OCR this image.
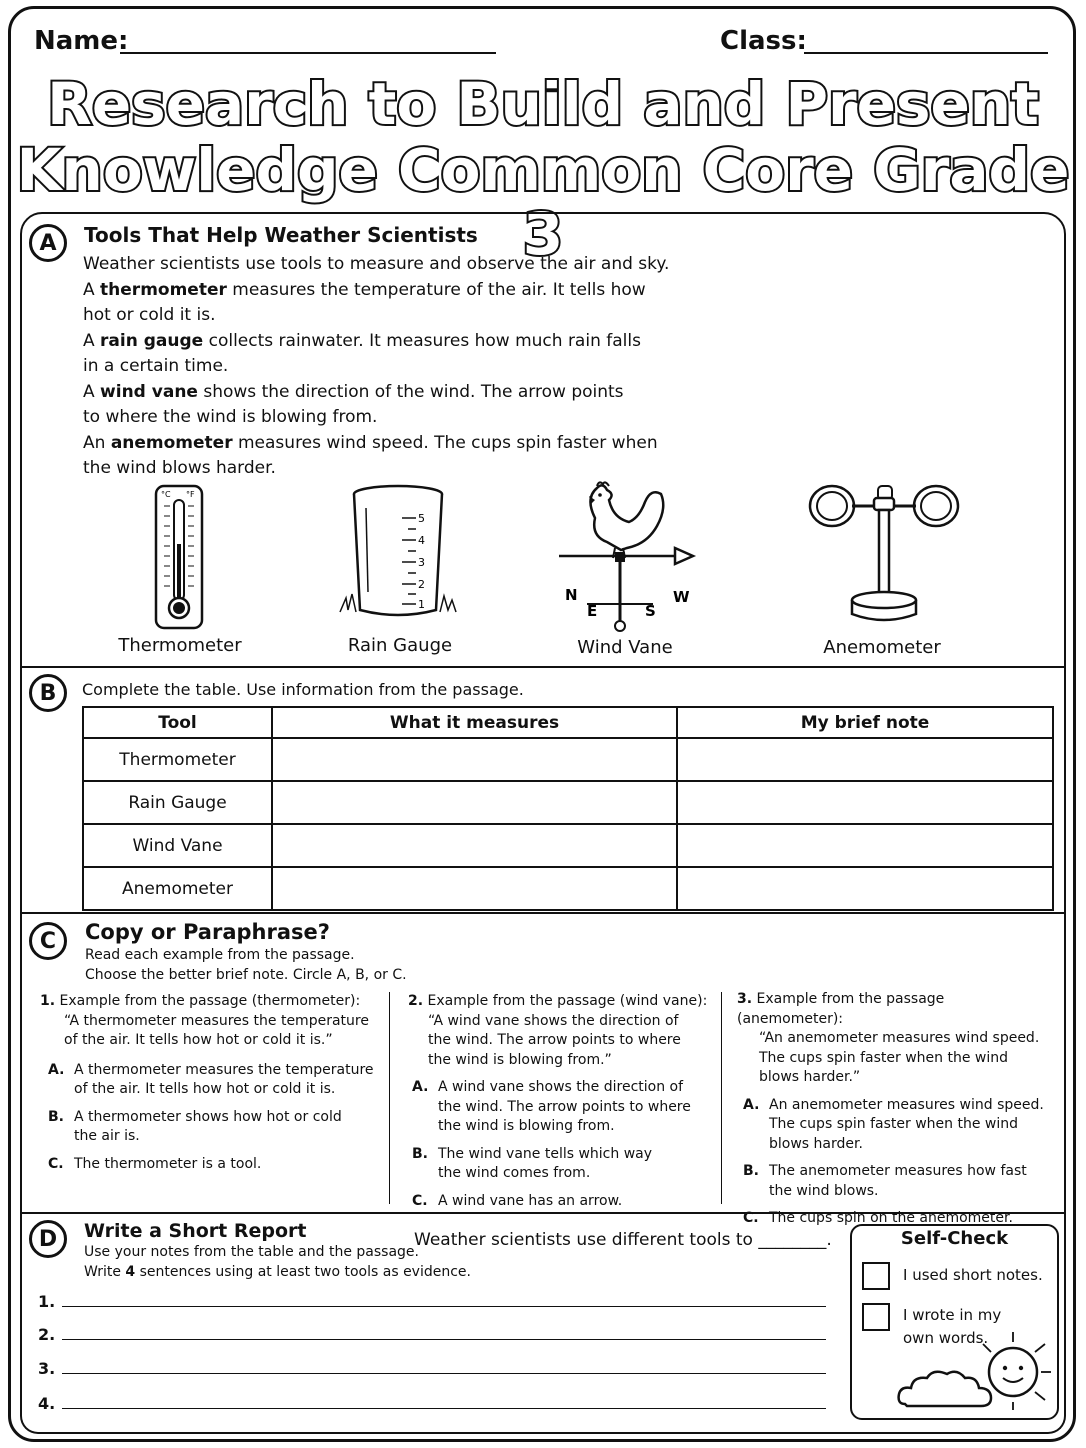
Name:	Class:
Research to Build and Present
Knowledge Common Core Grade 3
A	Tools That Help Weather Scientists
Weather scientists use tools to measure and observe the air and sky.
A thermometer measures the temperature of the air. It tells how
hot or cold it is.
A rain gauge collects rainwater. It measures how much rain falls
in a certain time.
A wind vane shows the direction of the wind. The arrow points
to where the wind is blowing from.
An anemometer measures wind speed. The cups spin faster when
the wind blows harder.
°C °F
Thermometer
5
4
3
2
1
Rain Gauge
N
E	S
W
Wind Vane	Anemometer
B	Complete the table. Use information from the passage.
Tool	What it measures	My brief note
Thermometer		
Rain Gauge		
Wind Vane		
Anemometer		
C	Copy or Paraphrase?
Read each example from the passage.
Choose the better brief note. Circle A, B, or C.
1. Example from the passage (thermometer):
“A thermometer measures the temperature
of the air. It tells how hot or cold it is.”
A. A thermometer measures the temperature
of the air. It tells how hot or cold it is.
B. A thermometer shows how hot or cold
the air is.
C. The thermometer is a tool.
2. Example from the passage (wind vane):
“A wind vane shows the direction of
the wind. The arrow points to where
the wind is blowing from.”
A. A wind vane shows the direction of
the wind. The arrow points to where
the wind is blowing from.
B. The wind vane tells which way
the wind comes from.
C. A wind vane has an arrow.
3. Example from the passage (anemometer):
“An anemometer measures wind speed.
The cups spin faster when the wind
blows harder.”
A. An anemometer measures wind speed.
The cups spin faster when the wind
blows harder.
B. The anemometer measures how fast
the wind blows.
C. The cups spin on the anemometer.
D	Write a Short Report
Use your notes from the table and the passage.
Write 4 sentences using at least two tools as evidence.
Weather scientists use different tools to ________.
1.
2.
3.
4.
Self-Check
I used short notes.
I wrote in my
own words.
